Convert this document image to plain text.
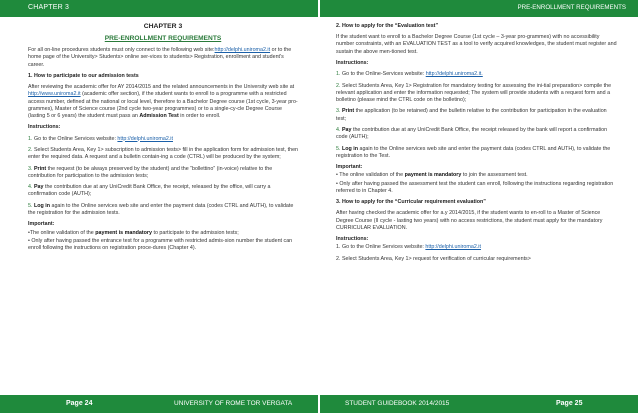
CHAPTER 3	PRE-ENROLLMENT REQUIREMENTS

CHAPTER 3

PRE-ENROLLMENT REQUIREMENTS

For all on-line procedures students must only connect to the following web site:http://delphi.uniroma2.it or to the home page of the University> Students> online ser-vices to students> Registration, enrollment and student's career.

1. How to participate to our admission tests

After reviewing the academic offer for AY 2014/2015 and the related announcements in the University web site at http://www.uniroma2.it (academic offer section), if the student wants to enroll to a programme with a restricted access number, defined at the national or local level, therefore to a Bachelor Degree course (1st cycle, 3-year pro-grammes), Master of Science course (2nd cycle two-year programmes) or to a single-cy-cle Degree Course (lasting 5 or 6 years) the student must pass an Admission Test in order to enroll.

Instructions:

1. Go to the Online Services website: http://delphi.uniroma2.it

2. Select Students Area, Key 1> subscription to admission tests> fill in the application form for admission test, then enter the required data. A request and a bulletin contain-ing a code (CTRL) will be produced by the system;

3. Print the request (to be always preserved by the student) and the “bollettino” (in-voice) relative to the contribution for participation to the admission tests;

4. Pay the contribution due at any UniCredit Bank Office, the receipt, released by the office, will carry a confirmation code (AUTH);

5. Log in again to the Online services web site and enter the payment data (codes CTRL and AUTH), to validate the registration for the admission tests.

Important:

•The online validation of the payment is mandatory to participate to the admission tests;

• Only after having passed the entrance test for a programme with restricted admis-sion number the student can enroll following the instructions on registration proce-dures (Chapter 4).

2. How to apply for the “Evaluation test”

If the student want to enroll to a Bachelor Degree Course (1st cycle – 3-year pro-grammes) with no accessibility number constraints, with an EVALUATION TEST as a tool to verify acquired knowledges, the student must register and sustain the above men-tioned test.

Instructions:

1. Go to the Online-Services website: http://delphi.uniroma2.it.

2. Select Students Area, Key 1> Registration for mandatory testing for assessing the ini-tial preparation> compile the relevant application and enter the information requested; The system will provide students with a request form and a bolletino (please mind the CTRL code on the bolletino);

3. Print the application (to be retained) and the bulletin relative to the contribution for participation in the evaluation test;

4. Pay the contribution due at any UniCredit Bank Office, the receipt released by the bank will report a confirmation code (AUTH);

5. Log in again to the Online services web site and enter the payment data (codes CTRL and AUTH), to validate the registration to the Test.

Important:

• The online validation of the payment is mandatory to join the assessment test.

• Only after having passed the assessment test the student can enroll, following the instructions regarding registration referred to in Chapter 4.

3. How to apply for the “Curricular requirement evaluation”

After having checked the academic offer for a.y 2014/2015, if the student wants to en-roll to a Master of Science Degree Course (II cycle - lasting two years) with no access restrictions, the student must apply for the mandatory CURRICULAR EVALUATION.

Instructions:

1. Go to the Online Services website: http://delphi.uniroma2.it

2. Select Students Area, Key 1> request for verification of curricular requirements>

Page 24	UNIVERSITY OF ROME TOR VERGATA	STUDENT GUIDEBOOK 2014/2015	Page 25
